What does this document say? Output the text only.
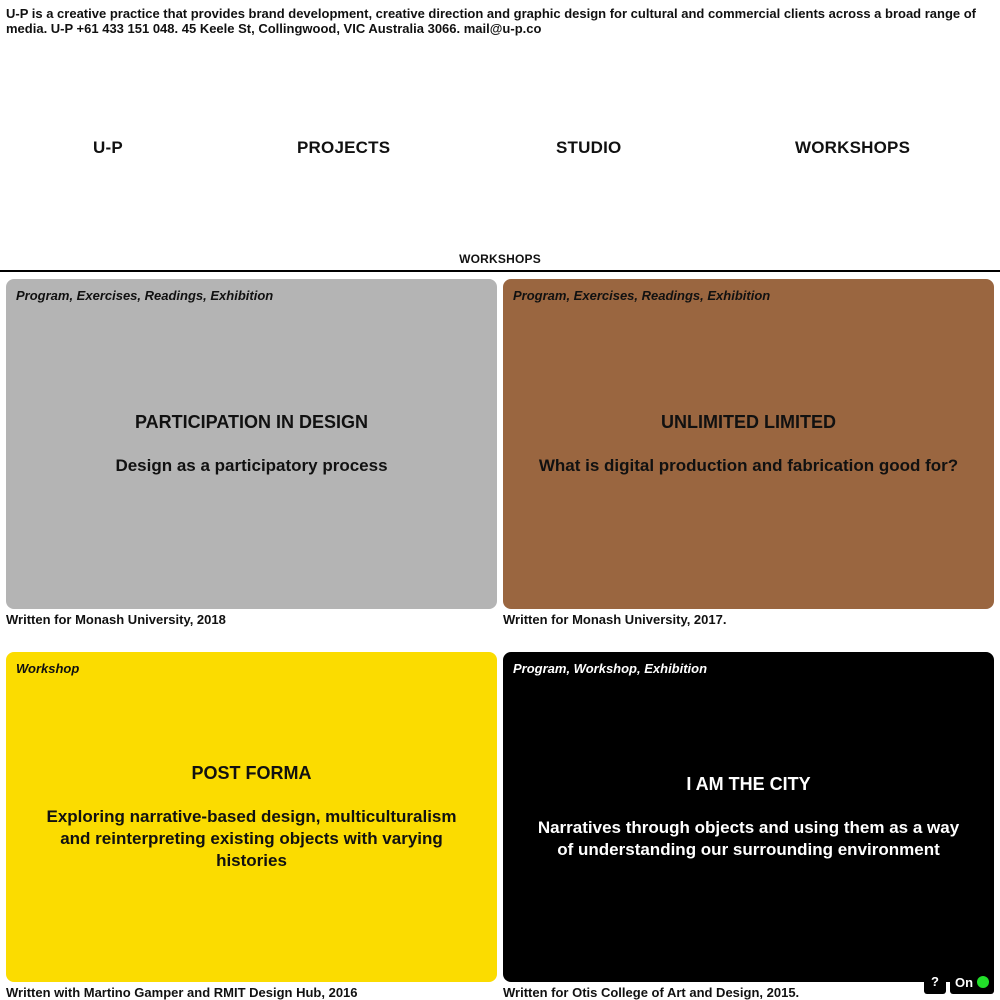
U-P is a creative practice that provides brand development, creative direction and graphic design for cultural and commercial clients across a broad range of media. U-P +61 433 151 048. 45 Keele St, Collingwood, VIC Australia 3066. mail@u-p.co

U-P	PROJECTS	STUDIO	WORKSHOPS
WORKSHOPS
Program, Exercises, Readings, Exhibition

PARTICIPATION IN DESIGN

Design as a participatory process

Written for Monash University, 2018
Program, Exercises, Readings, Exhibition

UNLIMITED LIMITED

What is digital production and fabrication good for?

Written for Monash University, 2017.
Workshop

POST FORMA

Exploring narrative-based design, multiculturalism and reinterpreting existing objects with varying histories

Written with Martino Gamper and RMIT Design Hub, 2016
Program, Workshop, Exhibition

I AM THE CITY

Narratives through objects and using them as a way of understanding our surrounding environment

Written for Otis College of Art and Design, 2015.
?	On
